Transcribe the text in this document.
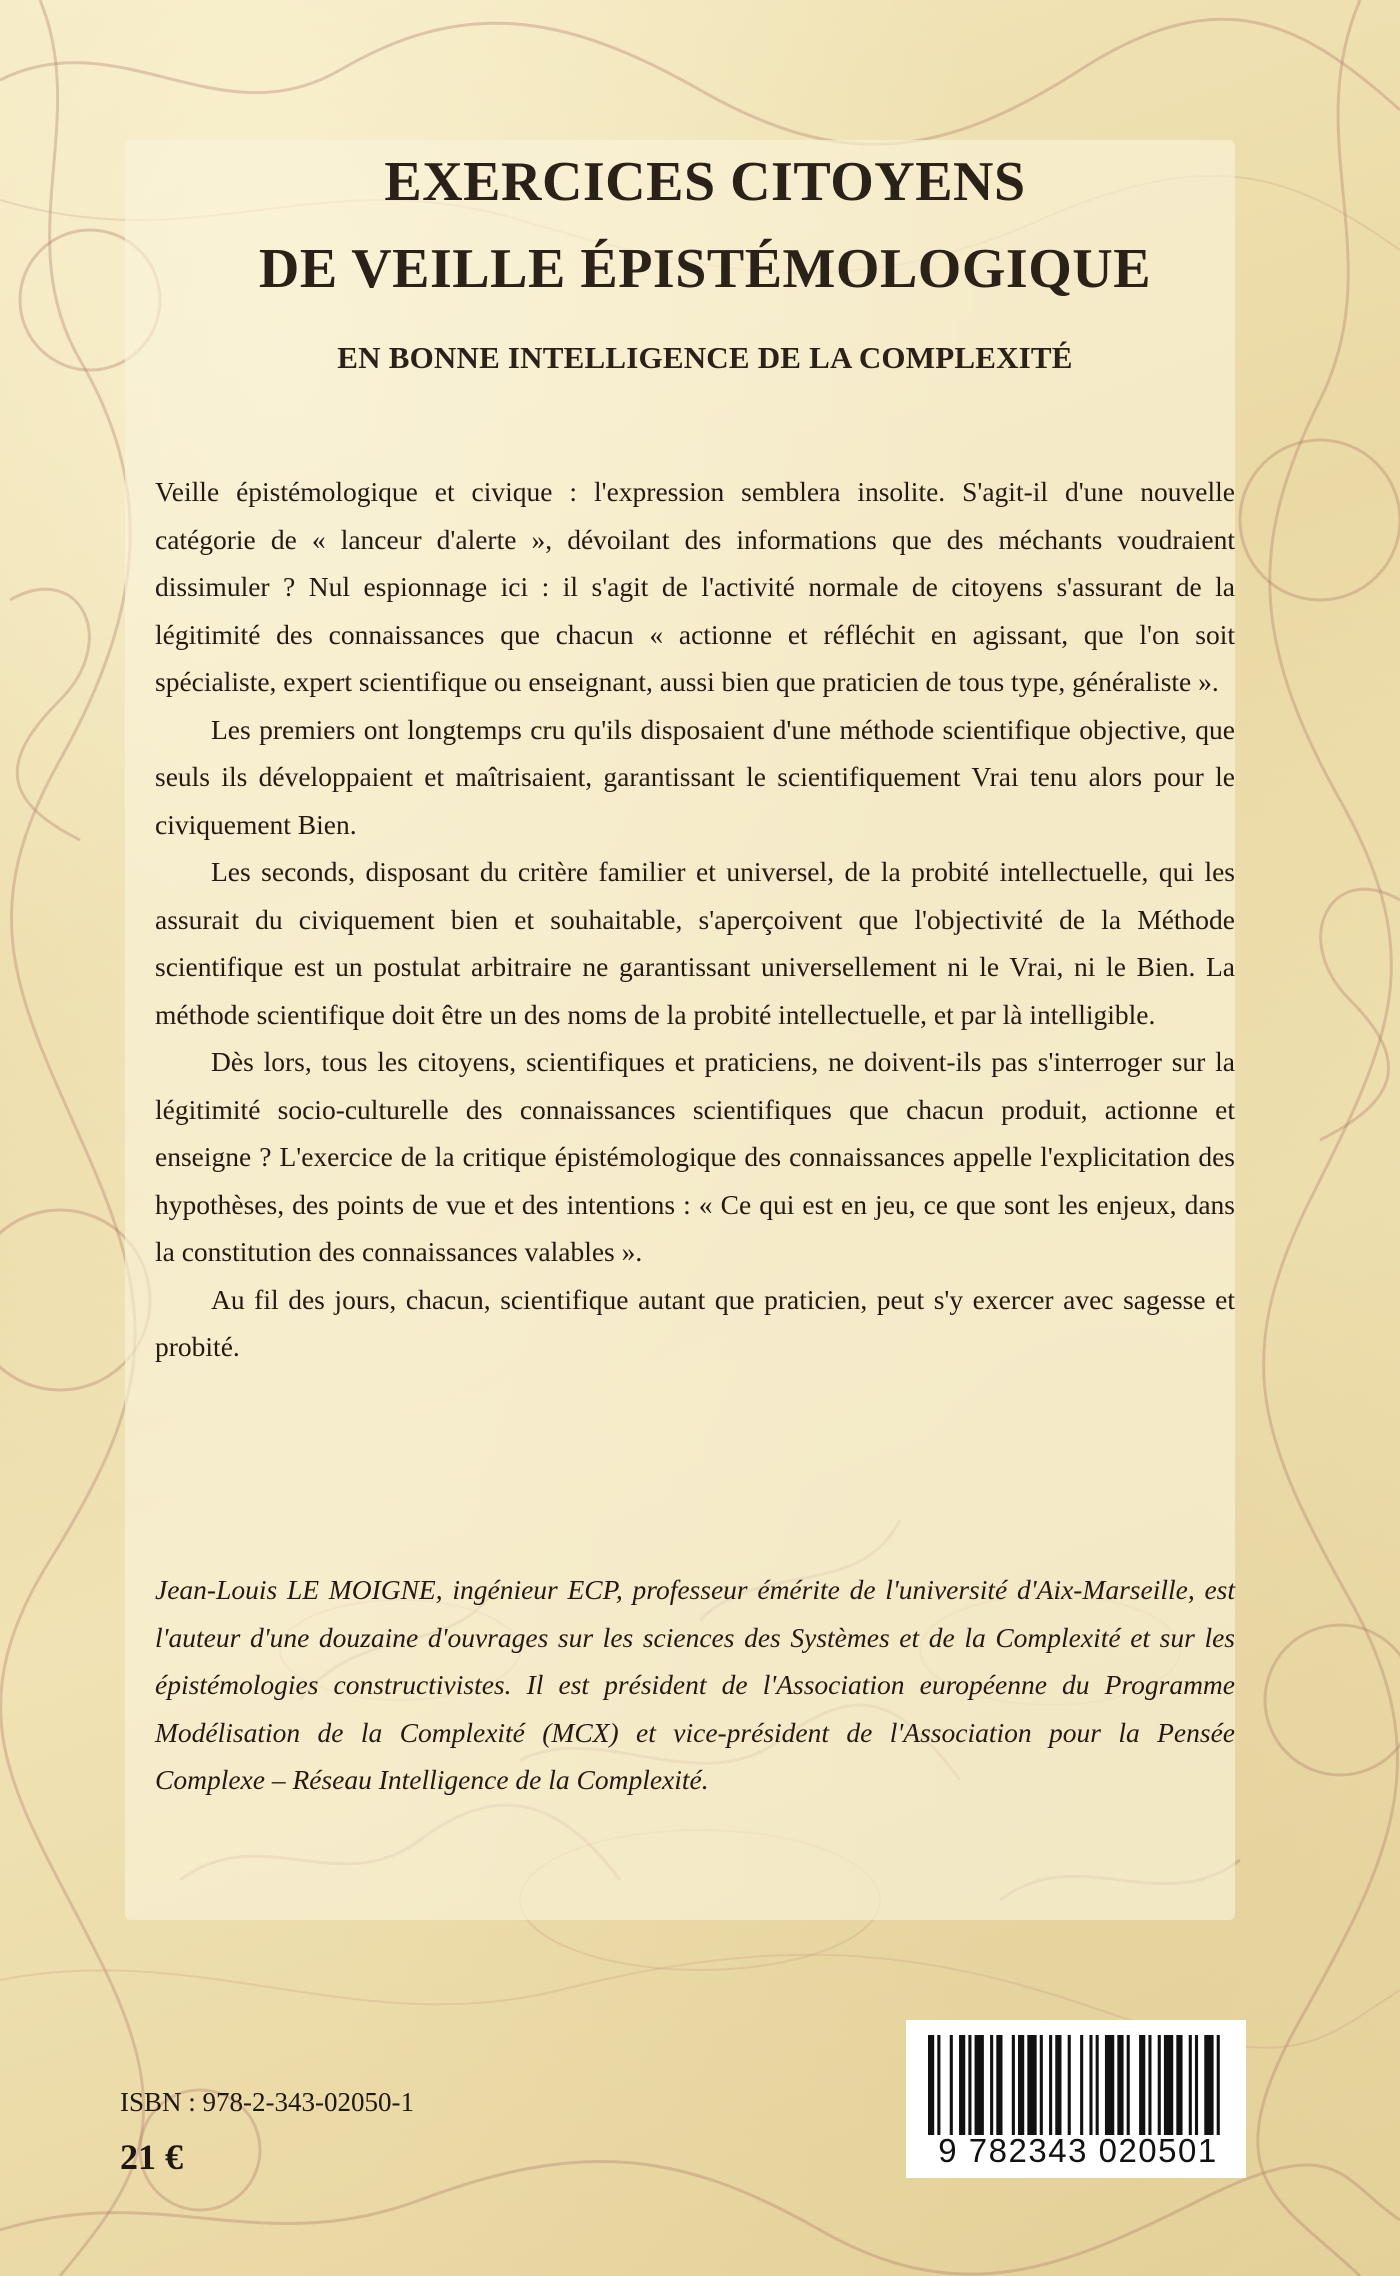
EXERCICES CITOYENS
DE VEILLE ÉPISTÉMOLOGIQUE
EN BONNE INTELLIGENCE DE LA COMPLEXITÉ

Veille épistémologique et civique : l'expression semblera insolite. S'agit-il d'une nouvelle catégorie de « lanceur d'alerte », dévoilant des informations que des méchants voudraient dissimuler ? Nul espionnage ici : il s'agit de l'activité normale de citoyens s'assurant de la légitimité des connaissances que chacun « actionne et réfléchit en agissant, que l'on soit spécialiste, expert scientifique ou enseignant, aussi bien que praticien de tous type, généraliste ».

Les premiers ont longtemps cru qu'ils disposaient d'une méthode scientifique objective, que seuls ils développaient et maîtrisaient, garantissant le scientifiquement Vrai tenu alors pour le civiquement Bien.

Les seconds, disposant du critère familier et universel, de la probité intellectuelle, qui les assurait du civiquement bien et souhaitable, s'aperçoivent que l'objectivité de la Méthode scientifique est un postulat arbitraire ne garantissant universellement ni le Vrai, ni le Bien. La méthode scientifique doit être un des noms de la probité intellectuelle, et par là intelligible.

Dès lors, tous les citoyens, scientifiques et praticiens, ne doivent-ils pas s'interroger sur la légitimité socio-culturelle des connaissances scientifiques que chacun produit, actionne et enseigne ? L'exercice de la critique épistémologique des connaissances appelle l'explicitation des hypothèses, des points de vue et des intentions : « Ce qui est en jeu, ce que sont les enjeux, dans la constitution des connaissances valables ».

Au fil des jours, chacun, scientifique autant que praticien, peut s'y exercer avec sagesse et probité.

Jean-Louis LE MOIGNE, ingénieur ECP, professeur émérite de l'université d'Aix-Marseille, est l'auteur d'une douzaine d'ouvrages sur les sciences des Systèmes et de la Complexité et sur les épistémologies constructivistes. Il est président de l'Association européenne du Programme Modélisation de la Complexité (MCX) et vice-président de l'Association pour la Pensée Complexe – Réseau Intelligence de la Complexité.
ISBN : 978-2-343-02050-1
21 €	9 782343 020501
